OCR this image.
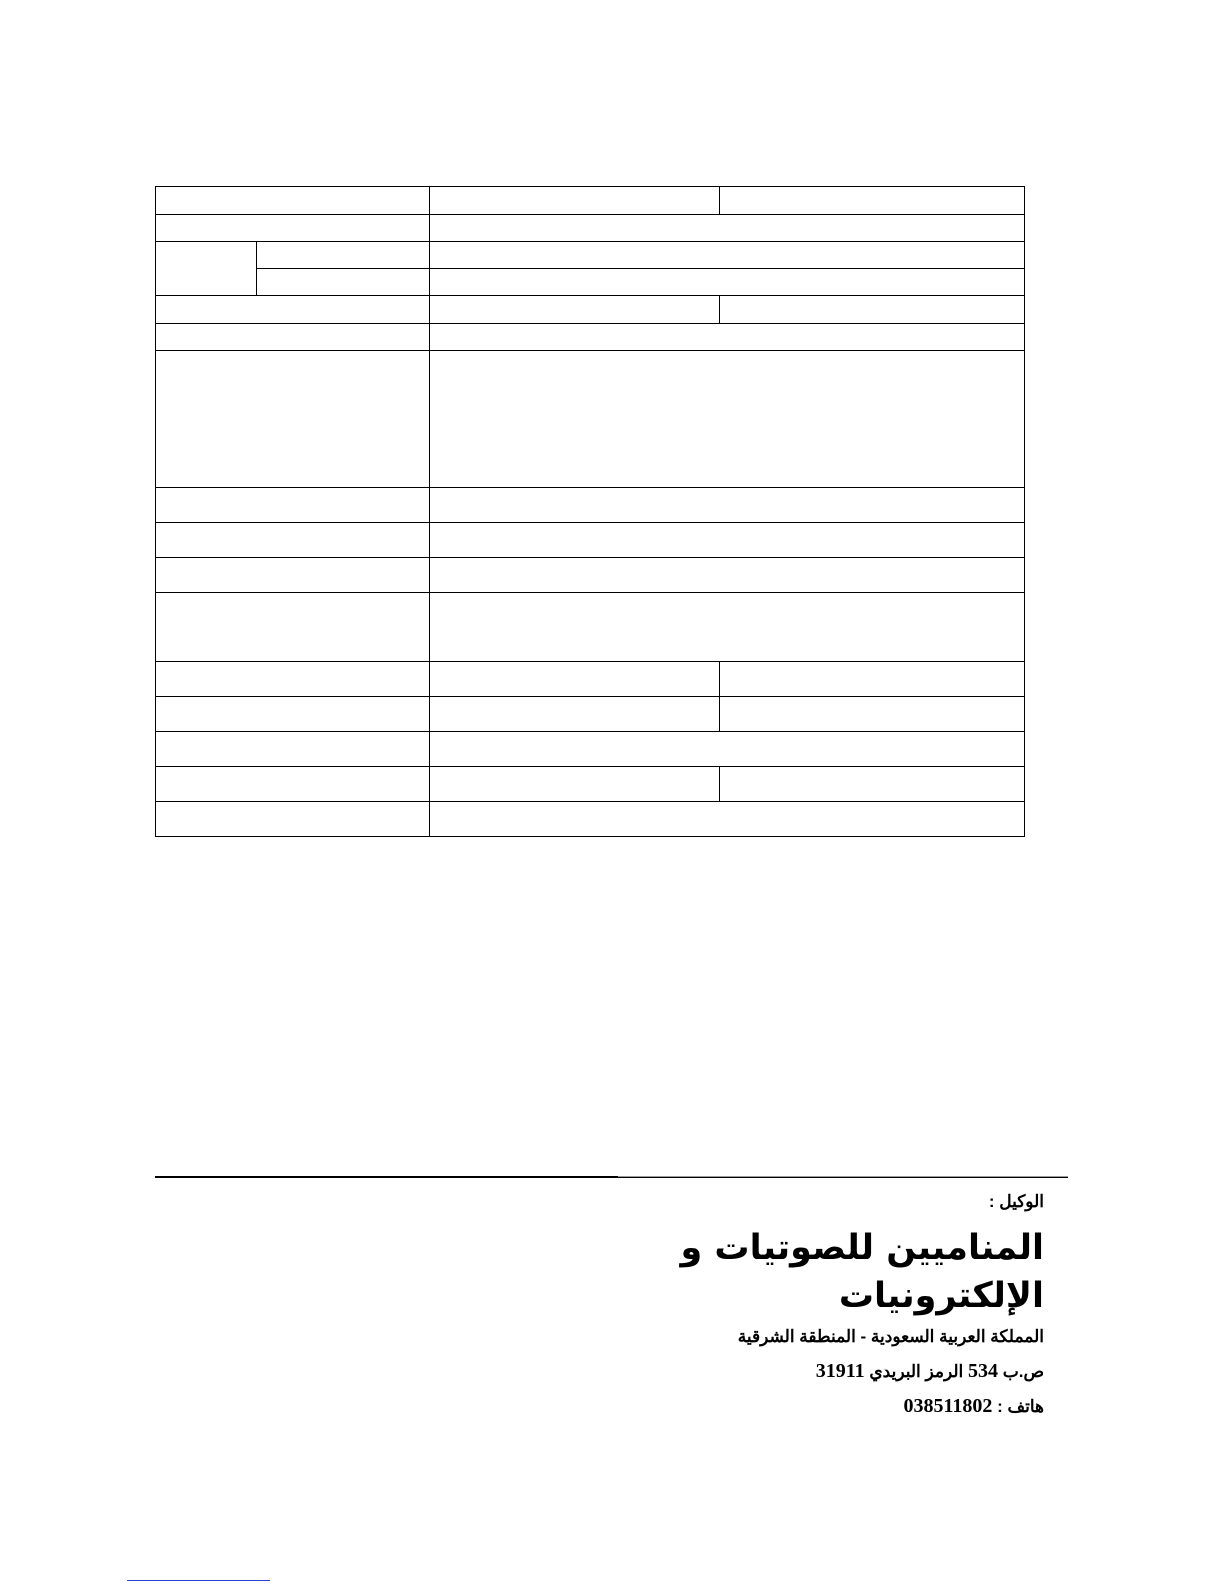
الوكيل :
المناميين للصوتيات و الإلكترونيات
المملكة العربية السعودية - المنطقة الشرقية
ص.ب 534 الرمز البريدي 31911
هاتف : 038511802
